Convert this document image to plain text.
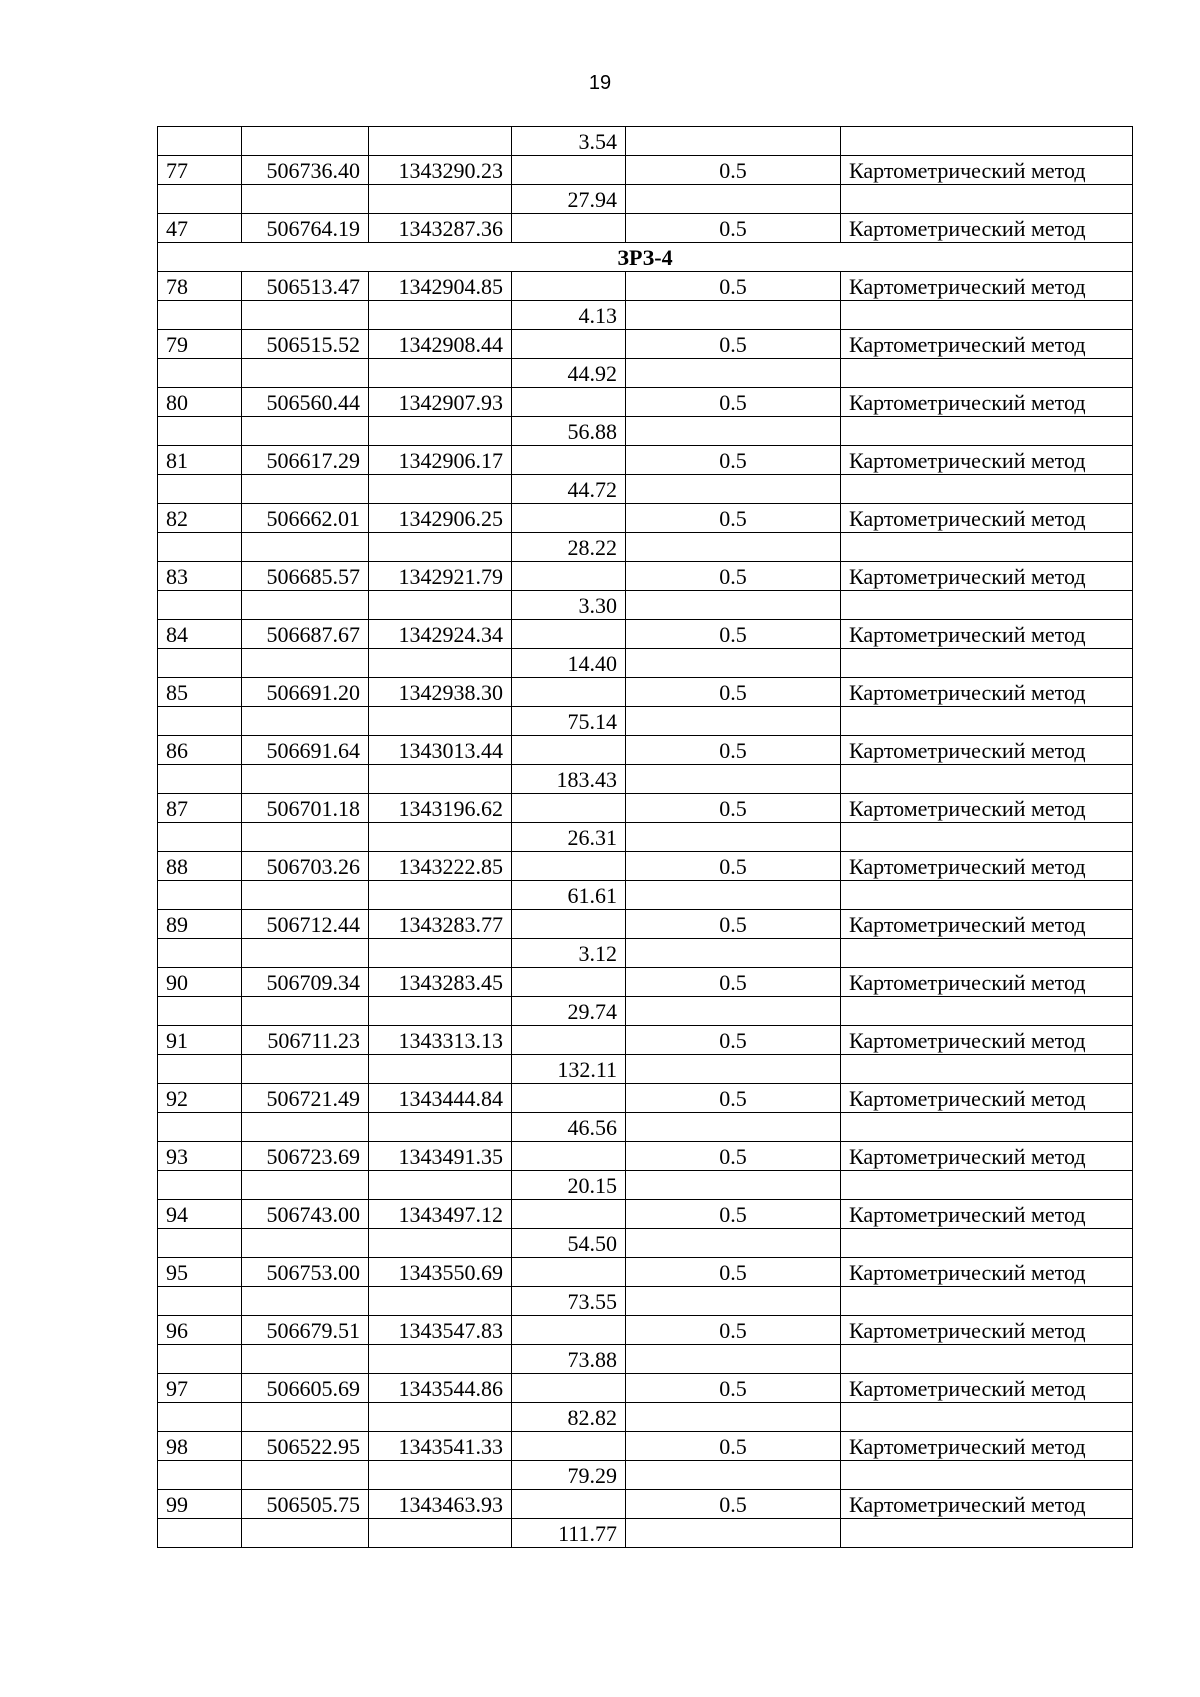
19
			3.54		
77	506736.40	1343290.23		0.5	Картометрический метод
			27.94		
47	506764.19	1343287.36		0.5	Картометрический метод
ЗРЗ-4					
78	506513.47	1342904.85		0.5	Картометрический метод
			4.13		
79	506515.52	1342908.44		0.5	Картометрический метод
			44.92		
80	506560.44	1342907.93		0.5	Картометрический метод
			56.88		
81	506617.29	1342906.17		0.5	Картометрический метод
			44.72		
82	506662.01	1342906.25		0.5	Картометрический метод
			28.22		
83	506685.57	1342921.79		0.5	Картометрический метод
			3.30		
84	506687.67	1342924.34		0.5	Картометрический метод
			14.40		
85	506691.20	1342938.30		0.5	Картометрический метод
			75.14		
86	506691.64	1343013.44		0.5	Картометрический метод
			183.43		
87	506701.18	1343196.62		0.5	Картометрический метод
			26.31		
88	506703.26	1343222.85		0.5	Картометрический метод
			61.61		
89	506712.44	1343283.77		0.5	Картометрический метод
			3.12		
90	506709.34	1343283.45		0.5	Картометрический метод
			29.74		
91	506711.23	1343313.13		0.5	Картометрический метод
			132.11		
92	506721.49	1343444.84		0.5	Картометрический метод
			46.56		
93	506723.69	1343491.35		0.5	Картометрический метод
			20.15		
94	506743.00	1343497.12		0.5	Картометрический метод
			54.50		
95	506753.00	1343550.69		0.5	Картометрический метод
			73.55		
96	506679.51	1343547.83		0.5	Картометрический метод
			73.88		
97	506605.69	1343544.86		0.5	Картометрический метод
			82.82		
98	506522.95	1343541.33		0.5	Картометрический метод
			79.29		
99	506505.75	1343463.93		0.5	Картометрический метод
			111.77		
